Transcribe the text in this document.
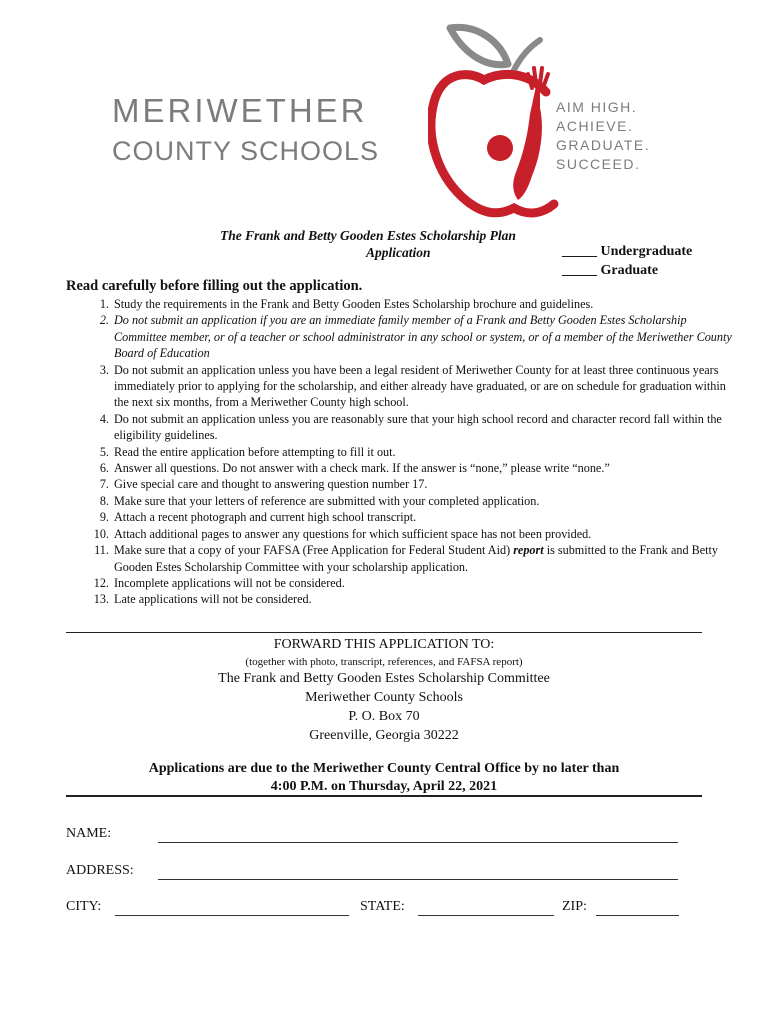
MERIWETHER
COUNTY SCHOOLS
AIM HIGH.
ACHIEVE.
GRADUATE.
SUCCEED.
The Frank and Betty Gooden Estes Scholarship Plan
Application	_____ Undergraduate
_____ Graduate
Read carefully before filling out the application.
1. Study the requirements in the Frank and Betty Gooden Estes Scholarship brochure and guidelines.
2. Do not submit an application if you are an immediate family member of a Frank and Betty Gooden Estes Scholarship Committee member, or of a teacher or school administrator in any school or system, or of a member of the Meriwether County Board of Education
3. Do not submit an application unless you have been a legal resident of Meriwether County for at least three continuous years immediately prior to applying for the scholarship, and either already have graduated, or are on schedule for graduation within the next six months, from a Meriwether County high school.
4. Do not submit an application unless you are reasonably sure that your high school record and character record fall within the eligibility guidelines.
5. Read the entire application before attempting to fill it out.
6. Answer all questions. Do not answer with a check mark. If the answer is “none,” please write “none.”
7. Give special care and thought to answering question number 17.
8. Make sure that your letters of reference are submitted with your completed application.
9. Attach a recent photograph and current high school transcript.
10. Attach additional pages to answer any questions for which sufficient space has not been provided.
11. Make sure that a copy of your FAFSA (Free Application for Federal Student Aid) report is submitted to the Frank and Betty Gooden Estes Scholarship Committee with your scholarship application.
12. Incomplete applications will not be considered.
13. Late applications will not be considered.
FORWARD THIS APPLICATION TO:
(together with photo, transcript, references, and FAFSA report)
The Frank and Betty Gooden Estes Scholarship Committee
Meriwether County Schools
P. O. Box 70
Greenville, Georgia 30222
Applications are due to the Meriwether County Central Office by no later than
4:00 P.M. on Thursday, April 22, 2021
NAME:
ADDRESS:
CITY:	STATE:	ZIP:
